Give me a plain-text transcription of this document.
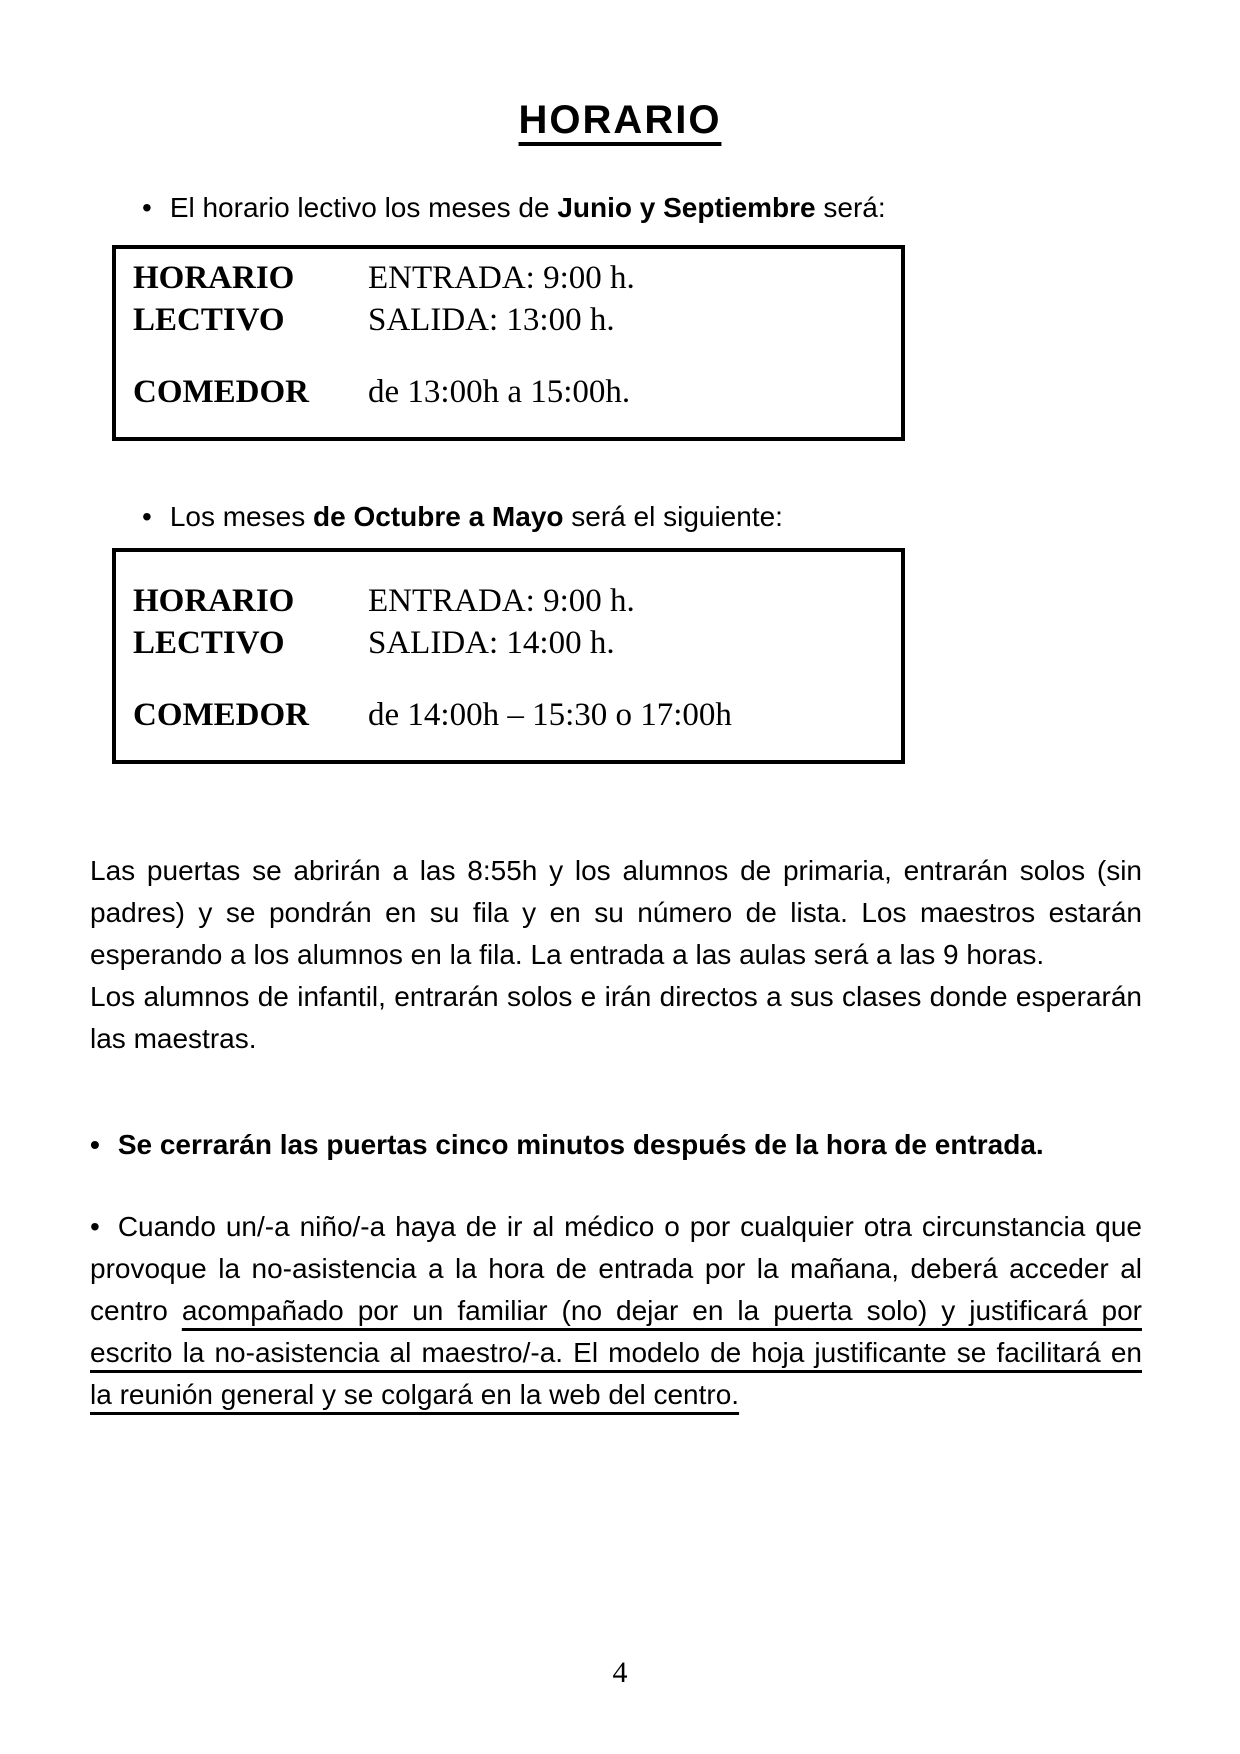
HORARIO
• El horario lectivo los meses de Junio y Septiembre será:
HORARIO LECTIVO
ENTRADA: 9:00 h.
SALIDA: 13:00 h.
COMEDOR	de 13:00h a 15:00h.
• Los meses de Octubre a Mayo será el siguiente:
HORARIO LECTIVO
ENTRADA: 9:00 h.
SALIDA: 14:00 h.
COMEDOR	de 14:00h – 15:30 o 17:00h

Las puertas se abrirán a las 8:55h y los alumnos de primaria, entrarán solos (sin padres) y se pondrán en su fila y en su número de lista. Los maestros estarán esperando a los alumnos en la fila. La entrada a las aulas será a las 9 horas.

Los alumnos de infantil, entrarán solos e irán directos a sus clases donde esperarán las maestras.

• Se cerrarán las puertas cinco minutos después de la hora de entrada.

• Cuando un/-a niño/-a haya de ir al médico o por cualquier otra circunstancia que provoque la no-asistencia a la hora de entrada por la mañana, deberá acceder al centro acompañado por un familiar (no dejar en la puerta solo) y justificará por escrito la no-asistencia al maestro/-a. El modelo de hoja justificante se facilitará en la reunión general y se colgará en la web del centro.

4
